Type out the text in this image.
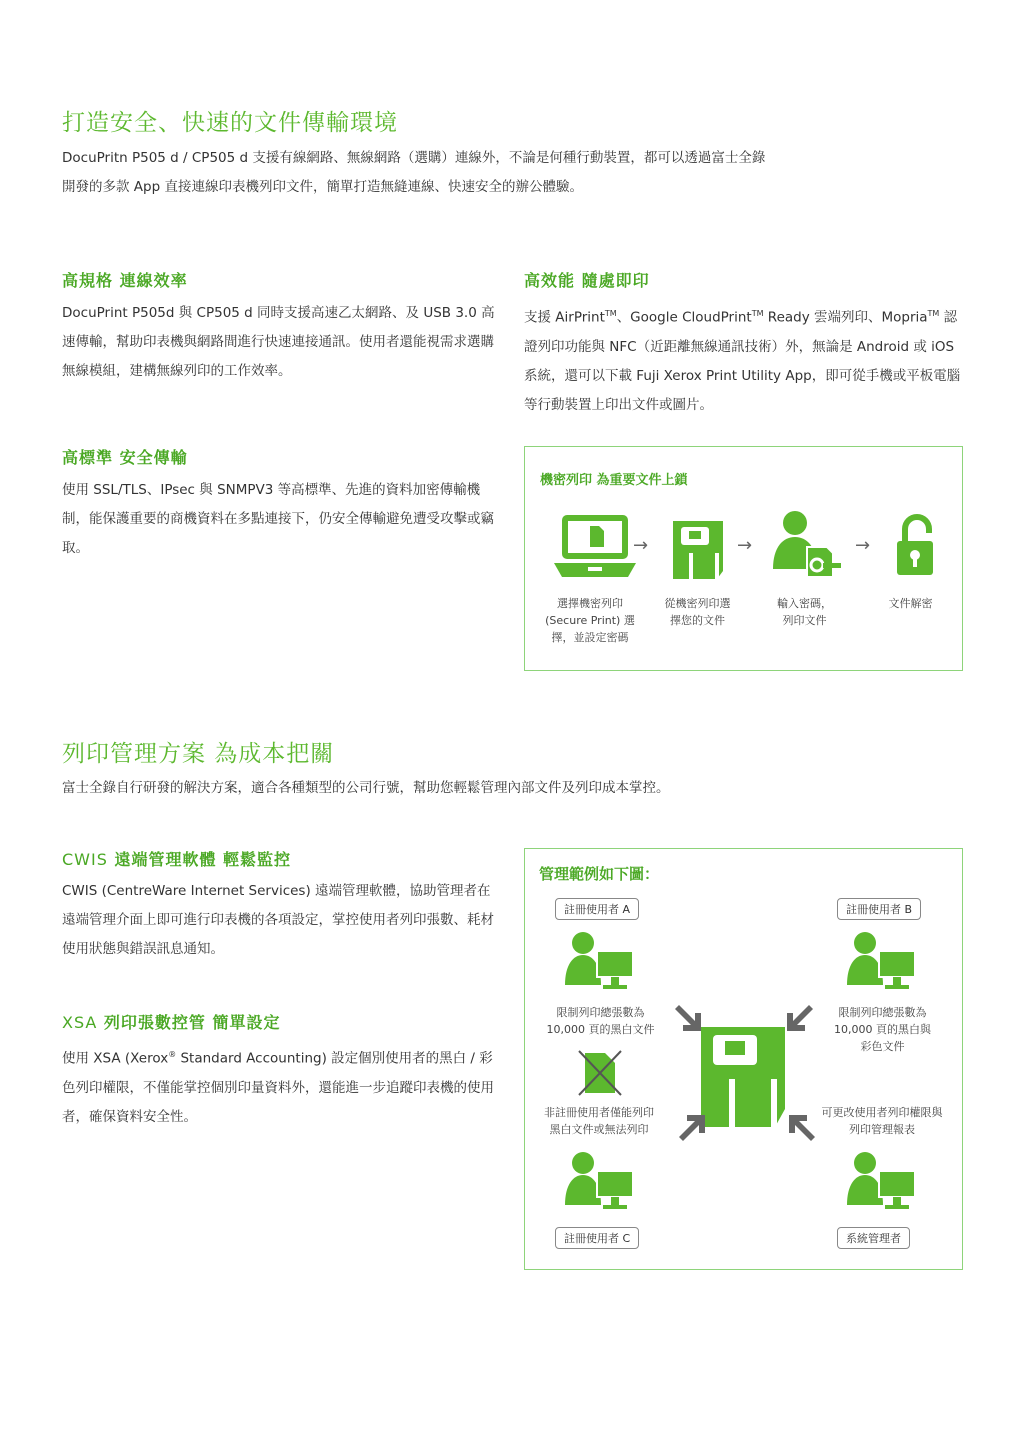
打造安全、快速的文件傳輸環境

DocuPritn P505 d / CP505 d 支援有線網路、無線網路（選購）連線外，不論是何種行動裝置，都可以透過富士全錄

開發的多款 App 直接連線印表機列印文件，簡單打造無縫連線、快速安全的辦公體驗。

高規格 連線效率

DocuPrint P505d 與 CP505 d 同時支援高速乙太網路、及 USB 3.0 高速傳輸，幫助印表機與網路間進行快速連接通訊。使用者還能視需求選購無線模組，建構無線列印的工作效率。

高效能 隨處即印

支援 AirPrint™、Google CloudPrint™ Ready 雲端列印、Mopria™ 認證列印功能與 NFC（近距離無線通訊技術）外，無論是 Android 或 iOS 系統，還可以下載 Fuji Xerox Print Utility App，即可從手機或平板電腦等行動裝置上印出文件或圖片。

高標準 安全傳輸

使用 SSL/TLS、IPsec 與 SNMPV3 等高標準、先進的資料加密傳輸機制，能保護重要的商機資料在多點連接下，仍安全傳輸避免遭受攻擊或竊取。

機密列印 為重要文件上鎖
→	→	→
選擇機密列印
(Secure Print) 選
擇，並設定密碼
從機密列印選
擇您的文件
輸入密碼，
列印文件
文件解密
列印管理方案 為成本把關

富士全錄自行研發的解決方案，適合各種類型的公司行號，幫助您輕鬆管理內部文件及列印成本掌控。

CWIS 遠端管理軟體 輕鬆監控

CWIS (CentreWare Internet Services) 遠端管理軟體，協助管理者在遠端管理介面上即可進行印表機的各項設定，掌控使用者列印張數、耗材使用狀態與錯誤訊息通知。

XSA 列印張數控管 簡單設定

使用 XSA (Xerox® Standard Accounting) 設定個別使用者的黑白 / 彩色列印權限，不僅能掌控個別印量資料外，還能進一步追蹤印表機的使用者，確保資料安全性。

管理範例如下圖：
註冊使用者 A
限制列印總張數為
10,000 頁的黑白文件
註冊使用者 B
限制列印總張數為
10,000 頁的黑白與
彩色文件
非註冊使用者僅能列印
黑白文件或無法列印
可更改使用者列印權限與
列印管理報表
註冊使用者 C	系統管理者
